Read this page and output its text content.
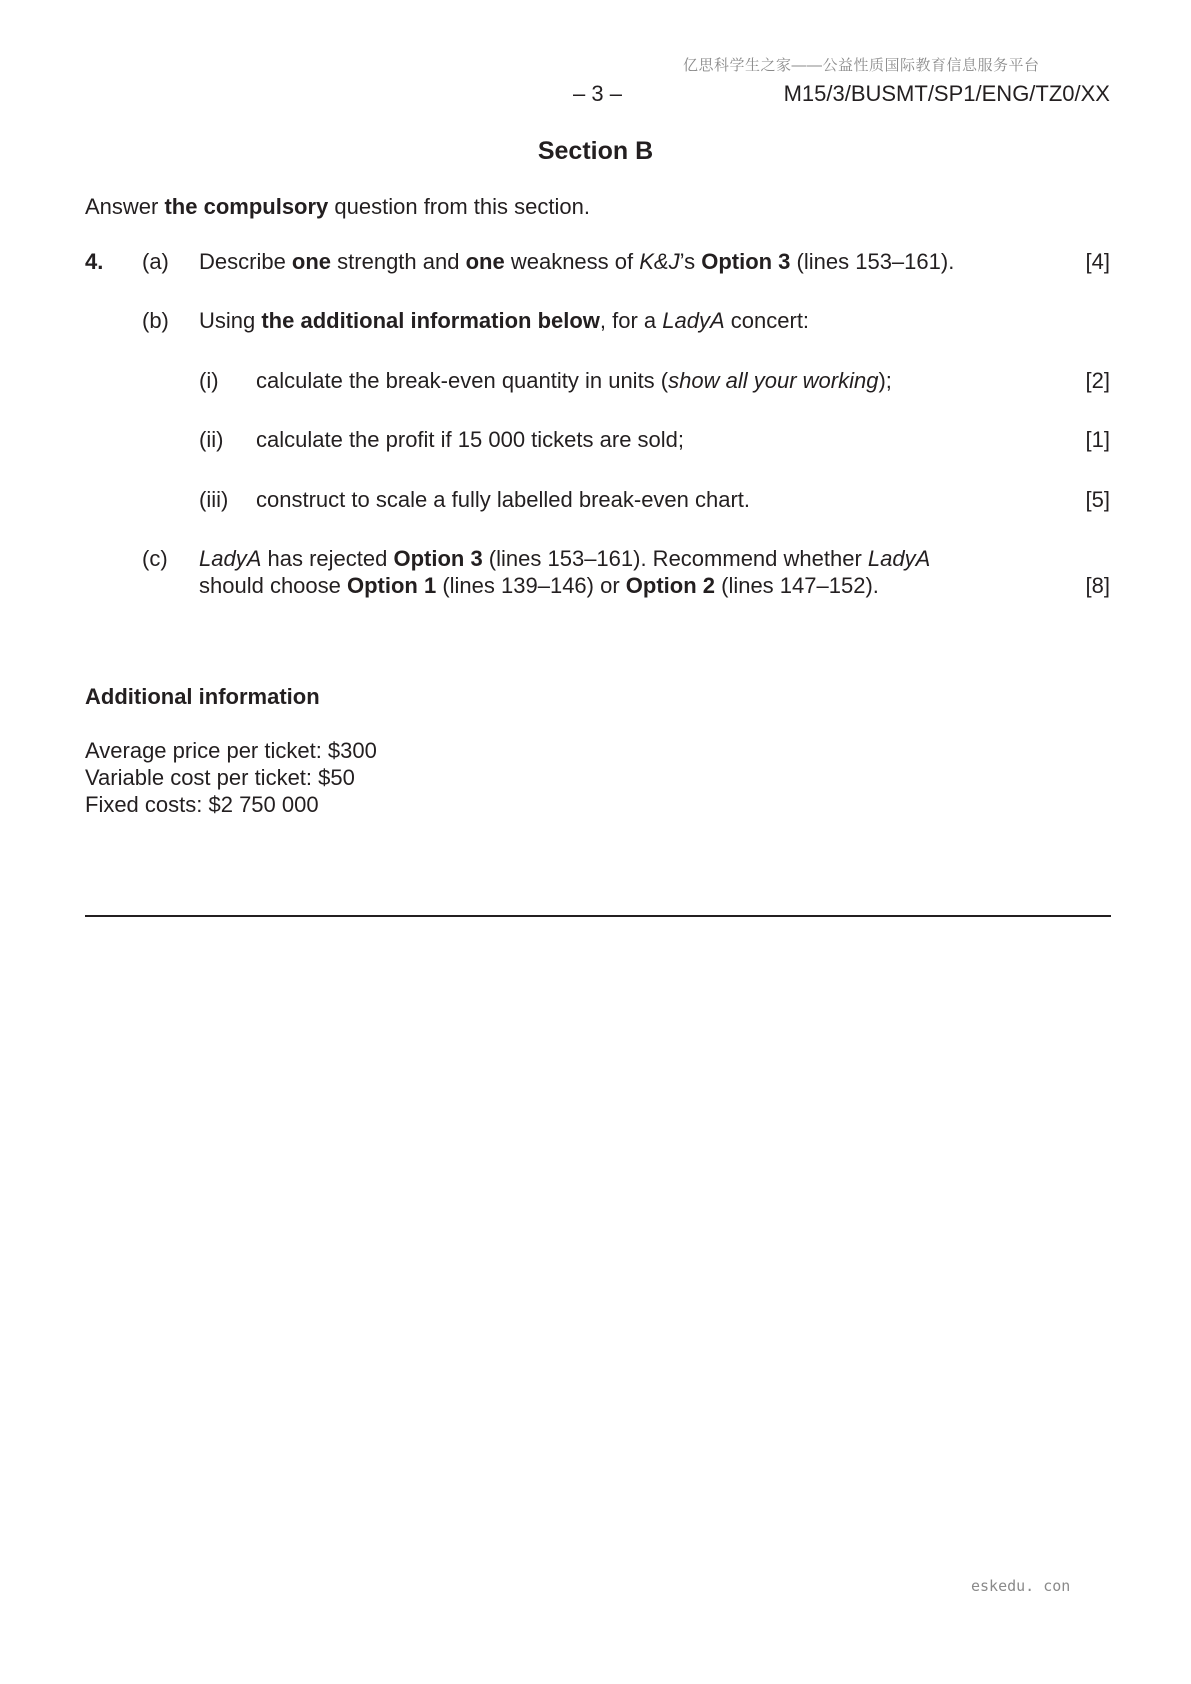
亿思科学生之家——公益性质国际教育信息服务平台
– 3 –	M15/3/BUSMT/SP1/ENG/TZ0/XX
Section B
Answer the compulsory question from this section.
4. (a) Describe one strength and one weakness of K&J’s Option 3 (lines 153–161).	[4]
(b) Using the additional information below, for a LadyA concert:
(i) calculate the break-even quantity in units (show all your working);	[2]
(ii) calculate the profit if 15 000 tickets are sold;	[1]
(iii) construct to scale a fully labelled break-even chart.	[5]
(c) LadyA has rejected Option 3 (lines 153–161). Recommend whether LadyA
should choose Option 1 (lines 139–146) or Option 2 (lines 147–152).	[8]
Additional information
Average price per ticket: $300
Variable cost per ticket: $50
Fixed costs: $2 750 000
eskedu. con
